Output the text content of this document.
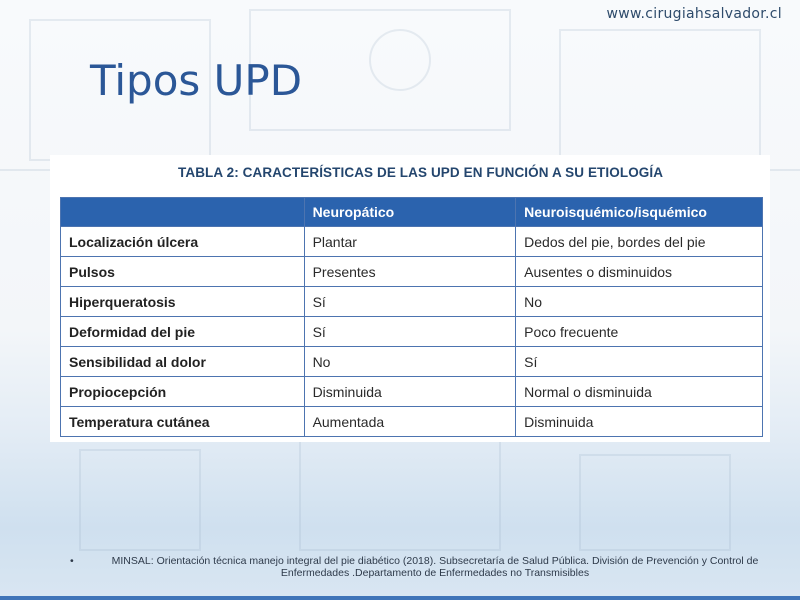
www.cirugiahsalvador.cl
Tipos UPD
TABLA 2: CARACTERÍSTICAS DE LAS UPD EN FUNCIÓN A SU ETIOLOGÍA
	Neuropático	Neuroisquémico/isquémico
Localización úlcera	Plantar	Dedos del pie, bordes del pie
Pulsos	Presentes	Ausentes o disminuidos
Hiperqueratosis	Sí	No
Deformidad del pie	Sí	Poco frecuente
Sensibilidad al dolor	No	Sí
Propiocepción	Disminuida	Normal o disminuida
Temperatura cutánea	Aumentada	Disminuida
•	MINSAL: Orientación técnica manejo integral del pie diabético (2018). Subsecretaría de Salud Pública. División de Prevención y Control de Enfermedades .Departamento de Enfermedades no Transmisibles
